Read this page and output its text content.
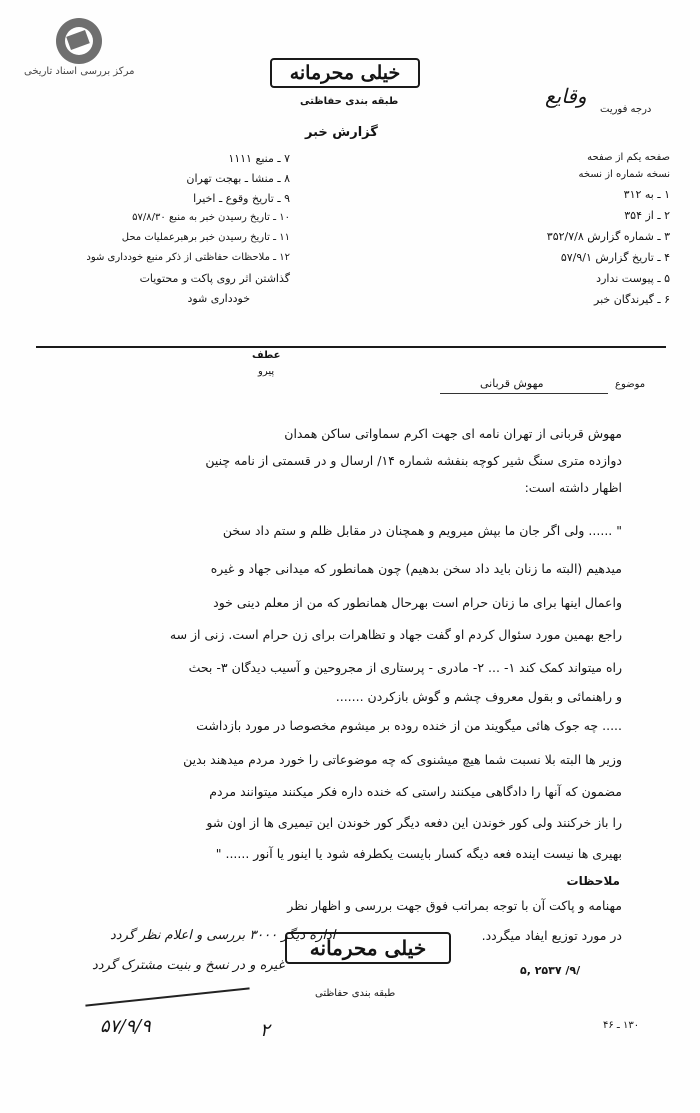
مرکز بررسی اسناد تاریخی	خیلی محرمانه
طبقه بندی حفاظتی
گزارش خبر
وقایع
درجه فوریت
۷ ـ منبع ۱۱۱۱
۸ ـ منشا ـ بهجت تهران
۹ ـ تاریخ وقوع ـ اخیرا
۱۰ ـ تاریخ رسیدن خبر به منبع ۵۷/۸/۳۰
۱۱ ـ تاریخ رسیدن خبر برهبرعملیات محل
۱۲ ـ ملاحظات حفاظتی از ذکر منبع خودداری شود
گذاشتن اثر روی پاکت و محتویات
خودداری شود
صفحه یکم از صفحه
نسخه شماره از نسخه
۱ ـ به ۳۱۲
۲ ـ از ۳۵۴
۳ ـ شماره گزارش ۳۵۲/۷/۸
۴ ـ تاریخ گزارش ۵۷/۹/۱
۵ ـ پیوست ندارد
۶ ـ گیرندگان خبر
عطف
پیرو
موضوع
مهوش قربانی
مهوش قربانی از تهران نامه ای جهت اکرم سماواتی ساکن همدان
دوازده متری سنگ شیر کوچه بنفشه شماره ۱۴/ ارسال و در قسمتی از نامه چنین
اظهار داشته است:
" ...... ولی اگر جان ما بپش میرویم و همچنان در مقابل ظلم و ستم داد سخن
میدهیم (البته ما زنان باید داد سخن بدهیم) چون همانطور که میدانی جهاد و غیره
واعمال اینها برای ما زنان حرام است بهرحال همانطور که من از معلم دینی خود
راجع بهمین مورد سئوال کردم او گفت جهاد و تظاهرات برای زن حرام است. زنی از سه
راه میتواند کمک کند ۱- ... ۲- مادری - پرستاری از مجروحین و آسیب دیدگان ۳- بحث
و راهنمائی و بقول معروف چشم و گوش بازکردن .......
..... چه جوک هائی میگویند من از خنده روده بر میشوم مخصوصا در مورد بازداشت
وزیر ها البته بلا نسبت شما هیچ میشنوی که چه موضوعاتی را خورد مردم میدهند بدین
مضمون که آنها را دادگاهی میکنند راستی که خنده داره فکر میکنند میتوانند مردم
را باز خرکنند ولی کور خوندن این دفعه دیگر کور خوندن این تیمیری ها از اون شو
بهیری ها نیست اینده فعه دیگه کسار بایست یکطرفه شود یا اینور یا آنور ...... "
ملاحظات
مهنامه و پاکت آن با توجه بمراتب فوق جهت بررسی و اظهار نظر
در مورد توزیع ایفاد میگردد.
خیلی محرمانه
طبقه بندی حفاظتی
ادارة دیگر ۳۰۰۰ بررسی و اعلام نظر گردد
غیره و در نسخ و بنیت مشترک گردد
۵۷/۹/۹	۲
۵, ۲۵۳۷ /۹/
۱۳۰ ـ ۴۶
